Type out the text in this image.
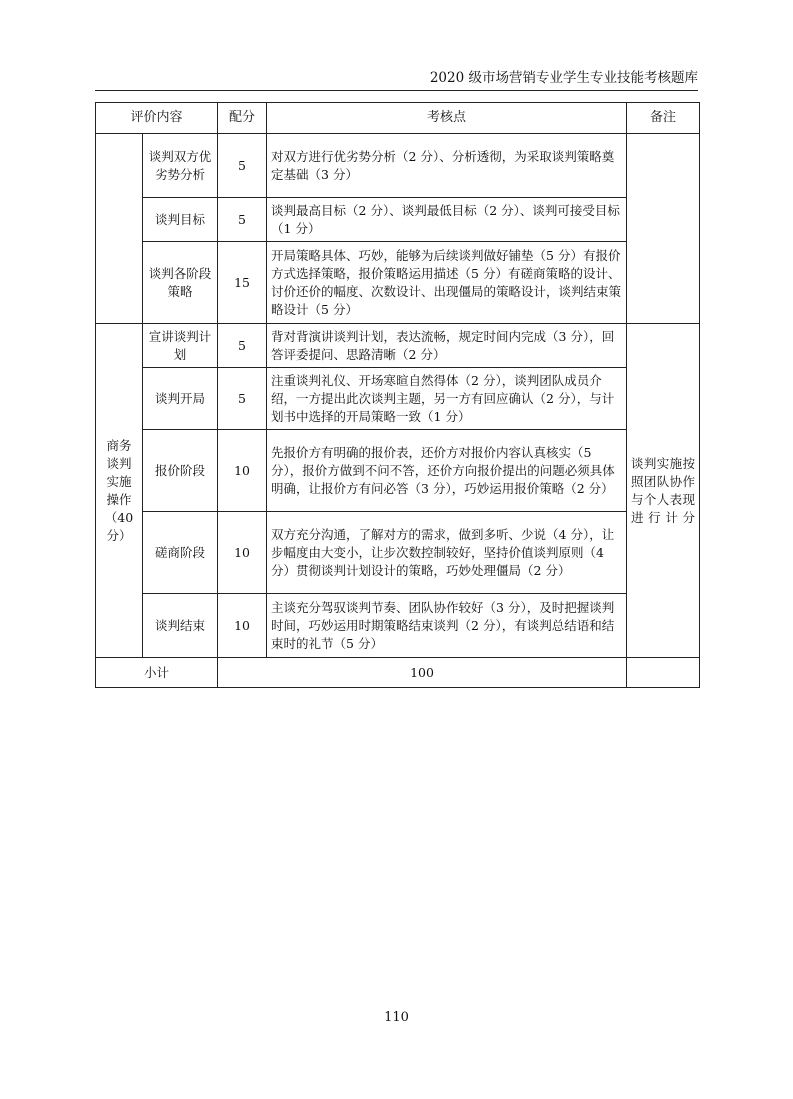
2020 级市场营销专业学生专业技能考核题库
评价内容		配分	考核点	备注
	谈判双方优劣势分析	5	对双方进行优劣势分析（2 分）、分析透彻，为采取谈判策略奠定基础（3 分）	
	谈判目标	5	谈判最高目标（2 分）、谈判最低目标（2 分）、谈判可接受目标（1 分）	
	谈判各阶段策略	15	开局策略具体、巧妙，能够为后续谈判做好铺垫（5 分）有报价方式选择策略，报价策略运用描述（5 分）有磋商策略的设计、讨价还价的幅度、次数设计、出现僵局的策略设计，谈判结束策略设计（5 分）	
商务谈判实施操作（40 分）	宣讲谈判计划	5	背对背演讲谈判计划，表达流畅，规定时间内完成（3 分），回答评委提问、思路清晰（2 分）	谈判实施按照团队协作与个人表现进行计分
	谈判开局	5	注重谈判礼仪、开场寒暄自然得体（2 分），谈判团队成员介绍，一方提出此次谈判主题，另一方有回应确认（2 分），与计划书中选择的开局策略一致（1 分）	
	报价阶段	10	先报价方有明确的报价表，还价方对报价内容认真核实（5分），报价方做到不问不答，还价方向报价提出的问题必须具体明确，让报价方有问必答（3 分），巧妙运用报价策略（2 分）	
	磋商阶段	10	双方充分沟通，了解对方的需求，做到多听、少说（4 分），让步幅度由大变小，让步次数控制较好，坚持价值谈判原则（4 分）贯彻谈判计划设计的策略，巧妙处理僵局（2 分）	
	谈判结束	10	主谈充分驾驭谈判节奏、团队协作较好（3 分），及时把握谈判时间，巧妙运用时期策略结束谈判（2 分），有谈判总结语和结束时的礼节（5 分）	
小计		100		
110
